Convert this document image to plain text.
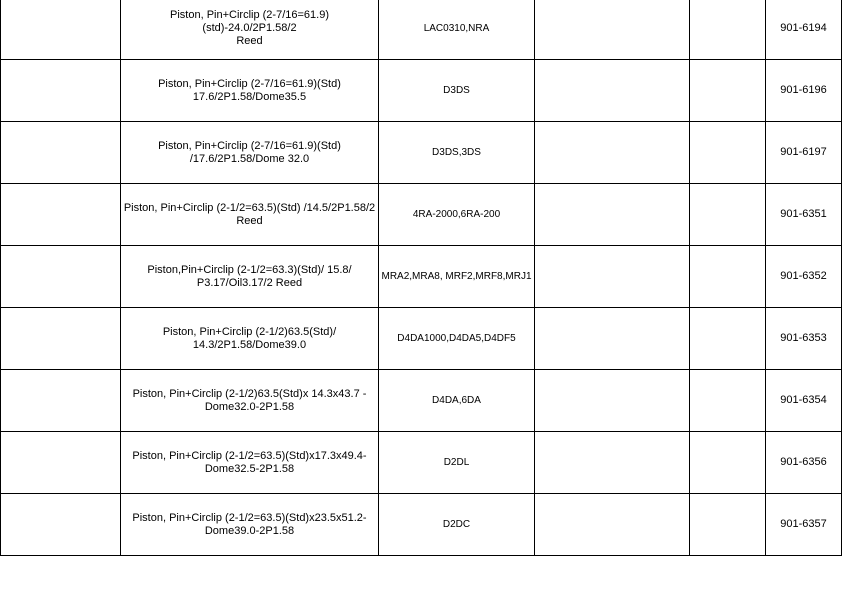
	Piston, Pin+Circlip (2-7/16=61.9)(std)-24.0/2P1.58/2
Reed	LAC0310,NRA			901-6194

	Piston, Pin+Circlip (2-7/16=61.9)(Std)
17.6/2P1.58/Dome35.5	D3DS			901-6196

	Piston, Pin+Circlip (2-7/16=61.9)(Std)
/17.6/2P1.58/Dome 32.0	D3DS,3DS			901-6197

	Piston, Pin+Circlip (2-1/2=63.5)(Std) /14.5/2P1.58/2
Reed	4RA-2000,6RA-200			901-6351

	Piston,Pin+Circlip (2-1/2=63.3)(Std)/ 15.8/
P3.17/Oil3.17/2 Reed	MRA2,MRA8, MRF2,MRF8,MRJ1			901-6352

	Piston, Pin+Circlip (2-1/2)63.5(Std)/
14.3/2P1.58/Dome39.0	D4DA1000,D4DA5,D4DF5			901-6353

	Piston, Pin+Circlip (2-1/2)63.5(Std)x 14.3x43.7 -
Dome32.0-2P1.58	D4DA,6DA			901-6354

	Piston, Pin+Circlip (2-1/2=63.5)(Std)x17.3x49.4-
Dome32.5-2P1.58	D2DL			901-6356

	Piston, Pin+Circlip (2-1/2=63.5)(Std)x23.5x51.2-
Dome39.0-2P1.58	D2DC			901-6357
